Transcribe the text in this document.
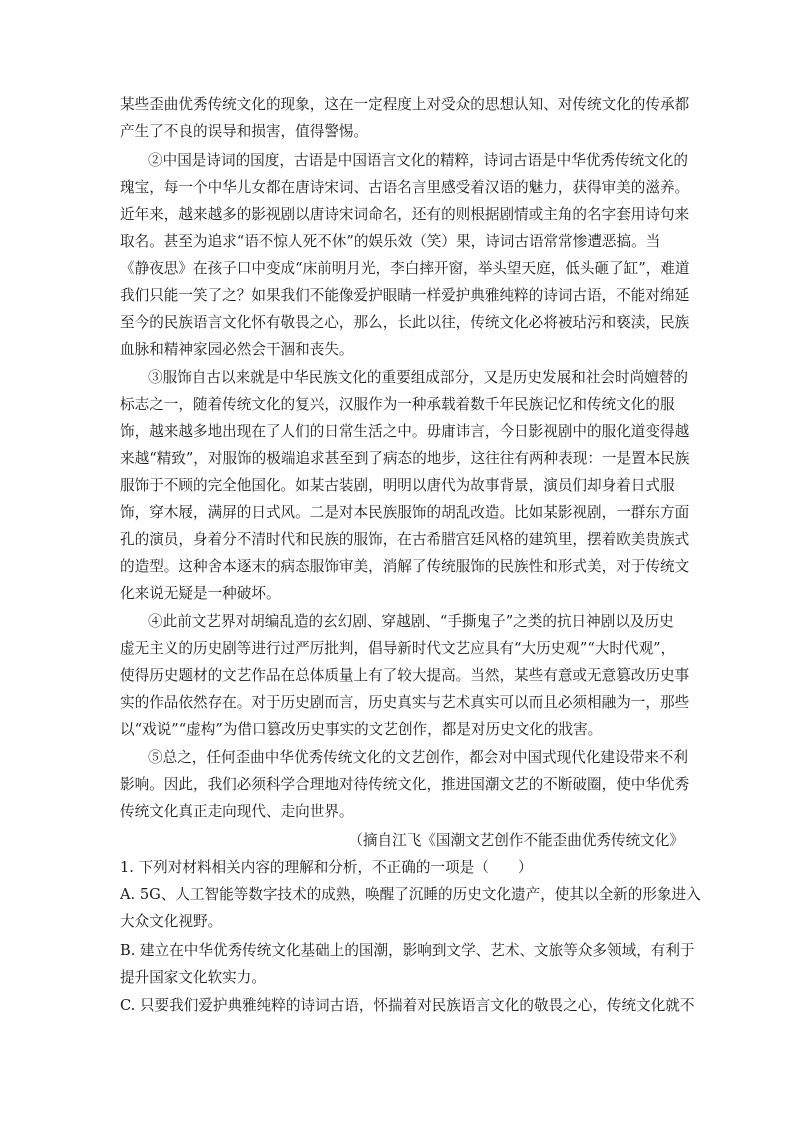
某些歪曲优秀传统文化的现象，这在一定程度上对受众的思想认知、对传统文化的传承都
产生了不良的误导和损害，值得警惕。
②中国是诗词的国度，古语是中国语言文化的精粹，诗词古语是中华优秀传统文化的
瑰宝，每一个中华儿女都在唐诗宋词、古语名言里感受着汉语的魅力，获得审美的滋养。
近年来，越来越多的影视剧以唐诗宋词命名，还有的则根据剧情或主角的名字套用诗句来
取名。甚至为追求“语不惊人死不休”的娱乐效（笑）果，诗词古语常常惨遭恶搞。当
《静夜思》在孩子口中变成“床前明月光，李白摔开窗，举头望天庭，低头砸了缸”，难道
我们只能一笑了之？如果我们不能像爱护眼睛一样爱护典雅纯粹的诗词古语，不能对绵延
至今的民族语言文化怀有敬畏之心，那么，长此以往，传统文化必将被玷污和亵渎，民族
血脉和精神家园必然会干涸和丧失。
③服饰自古以来就是中华民族文化的重要组成部分，又是历史发展和社会时尚嬗替的
标志之一，随着传统文化的复兴，汉服作为一种承载着数千年民族记忆和传统文化的服
饰，越来越多地出现在了人们的日常生活之中。毋庸讳言，今日影视剧中的服化道变得越
来越“精致”，对服饰的极端追求甚至到了病态的地步，这往往有两种表现：一是置本民族
服饰于不顾的完全他国化。如某古装剧，明明以唐代为故事背景，演员们却身着日式服
饰，穿木屐，满屏的日式风。二是对本民族服饰的胡乱改造。比如某影视剧，一群东方面
孔的演员，身着分不清时代和民族的服饰，在古希腊宫廷风格的建筑里，摆着欧美贵族式
的造型。这种舍本逐末的病态服饰审美，消解了传统服饰的民族性和形式美，对于传统文
化来说无疑是一种破坏。
④此前文艺界对胡编乱造的玄幻剧、穿越剧、“手撕鬼子”之类的抗日神剧以及历史
虚无主义的历史剧等进行过严厉批判，倡导新时代文艺应具有“大历史观”“大时代观”，
使得历史题材的文艺作品在总体质量上有了较大提高。当然，某些有意或无意篡改历史事
实的作品依然存在。对于历史剧而言，历史真实与艺术真实可以而且必须相融为一，那些
以“戏说”“虚构”为借口篡改历史事实的文艺创作，都是对历史文化的戕害。
⑤总之，任何歪曲中华优秀传统文化的文艺创作，都会对中国式现代化建设带来不利
影响。因此，我们必须科学合理地对待传统文化，推进国潮文艺的不断破圈，使中华优秀
传统文化真正走向现代、走向世界。
（摘自江飞《国潮文艺创作不能歪曲优秀传统文化》
1. 下列对材料相关内容的理解和分析，不正确的一项是（　　）
A. 5G、人工智能等数字技术的成熟，唤醒了沉睡的历史文化遗产，使其以全新的形象进入
大众文化视野。
B. 建立在中华优秀传统文化基础上的国潮，影响到文学、艺术、文旅等众多领域，有利于
提升国家文化软实力。
C. 只要我们爱护典雅纯粹的诗词古语，怀揣着对民族语言文化的敬畏之心，传统文化就不
